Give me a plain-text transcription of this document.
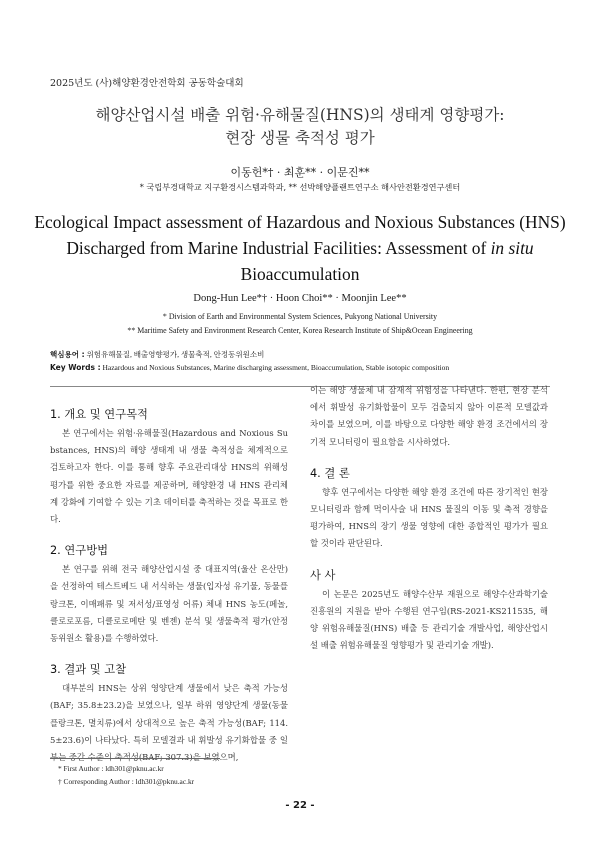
2025년도 (사)해양환경안전학회 공동학술대회
해양산업시설 배출 위험·유해물질(HNS)의 생태계 영향평가:
현장 생물 축적성 평가
이동헌*† · 최훈** · 이문진**
* 국립부경대학교 지구환경시스템과학과, ** 선박해양플랜트연구소 해사안전환경연구센터
Ecological Impact assessment of Hazardous and Noxious Substances (HNS)
Discharged from Marine Industrial Facilities: Assessment of in situ
Bioaccumulation
Dong-Hun Lee*† · Hoon Choi** · Moonjin Lee**
* Division of Earth and Environmental System Sciences, Pukyong National University
** Maritime Safety and Environment Research Center, Korea Research Institute of Ship&Ocean Engineering
핵심용어 : 위험유해물질, 배출영향평가, 생물축적, 안정동위원소비
Key Words : Hazardous and Noxious Substances, Marine discharging assessment, Bioaccumulation, Stable isotopic composition
1. 개요 및 연구목적

본 연구에서는 위험·유해물질(Hazardous and Noxious Substances, HNS)의 해양 생태계 내 생물 축적성을 체계적으로 검토하고자 한다. 이를 통해 향후 주요관리대상 HNS의 위해성 평가를 위한 중요한 자료를 제공하며, 해양환경 내 HNS 관리체계 강화에 기여할 수 있는 기초 데이터를 축적하는 것을 목표로 한다.

2. 연구방법

본 연구를 위해 전국 해양산업시설 중 대표지역(울산 온산만)을 선정하여 테스트베드 내 서식하는 생물(입자성 유기물, 동물플랑크톤, 이매패류 및 저서성/표영성 어류) 체내 HNS 농도(페놀, 클로로포름, 디클로로메탄 및 벤젠) 분석 및 생물축적 평가(안정동위원소 활용)를 수행하였다.

3. 결과 및 고찰

대부분의 HNS는 상위 영양단계 생물에서 낮은 축적 가능성(BAF; 35.8±23.2)을 보였으나, 일부 하위 영양단계 생물(동물플랑크톤, 멸치류)에서 상대적으로 높은 축적 가능성(BAF; 114.5±23.6)이 나타났다. 특히 모델결과 내 휘발성 유기화합물 중 일부는 중간 수준의 축적성(BAF; 307.3)을 보였으며,

이는 해양 생물체 내 잠재적 위험성을 나타낸다. 한편, 현장 분석에서 휘발성 유기화합물이 모두 검출되지 않아 이론적 모델값과 차이를 보였으며, 이를 바탕으로 다양한 해양 환경 조건에서의 장기적 모니터링이 필요함을 시사하였다.

4. 결 론

향후 연구에서는 다양한 해양 환경 조건에 따른 장기적인 현장 모니터링과 함께 먹이사슬 내 HNS 물질의 이동 및 축적 경향을 평가하여, HNS의 장기 생물 영향에 대한 종합적인 평가가 필요할 것이라 판단된다.

사 사

이 논문은 2025년도 해양수산부 재원으로 해양수산과학기술진흥원의 지원을 받아 수행된 연구임(RS-2021-KS211535, 해양 위험유해물질(HNS) 배출 등 관리기술 개발사업, 해양산업시설 배출 위험유해물질 영향평가 및 관리기술 개발).

* First Author : ldh301@pknu.ac.kr
† Corresponding Author : ldh301@pknu.ac.kr
- 22 -
